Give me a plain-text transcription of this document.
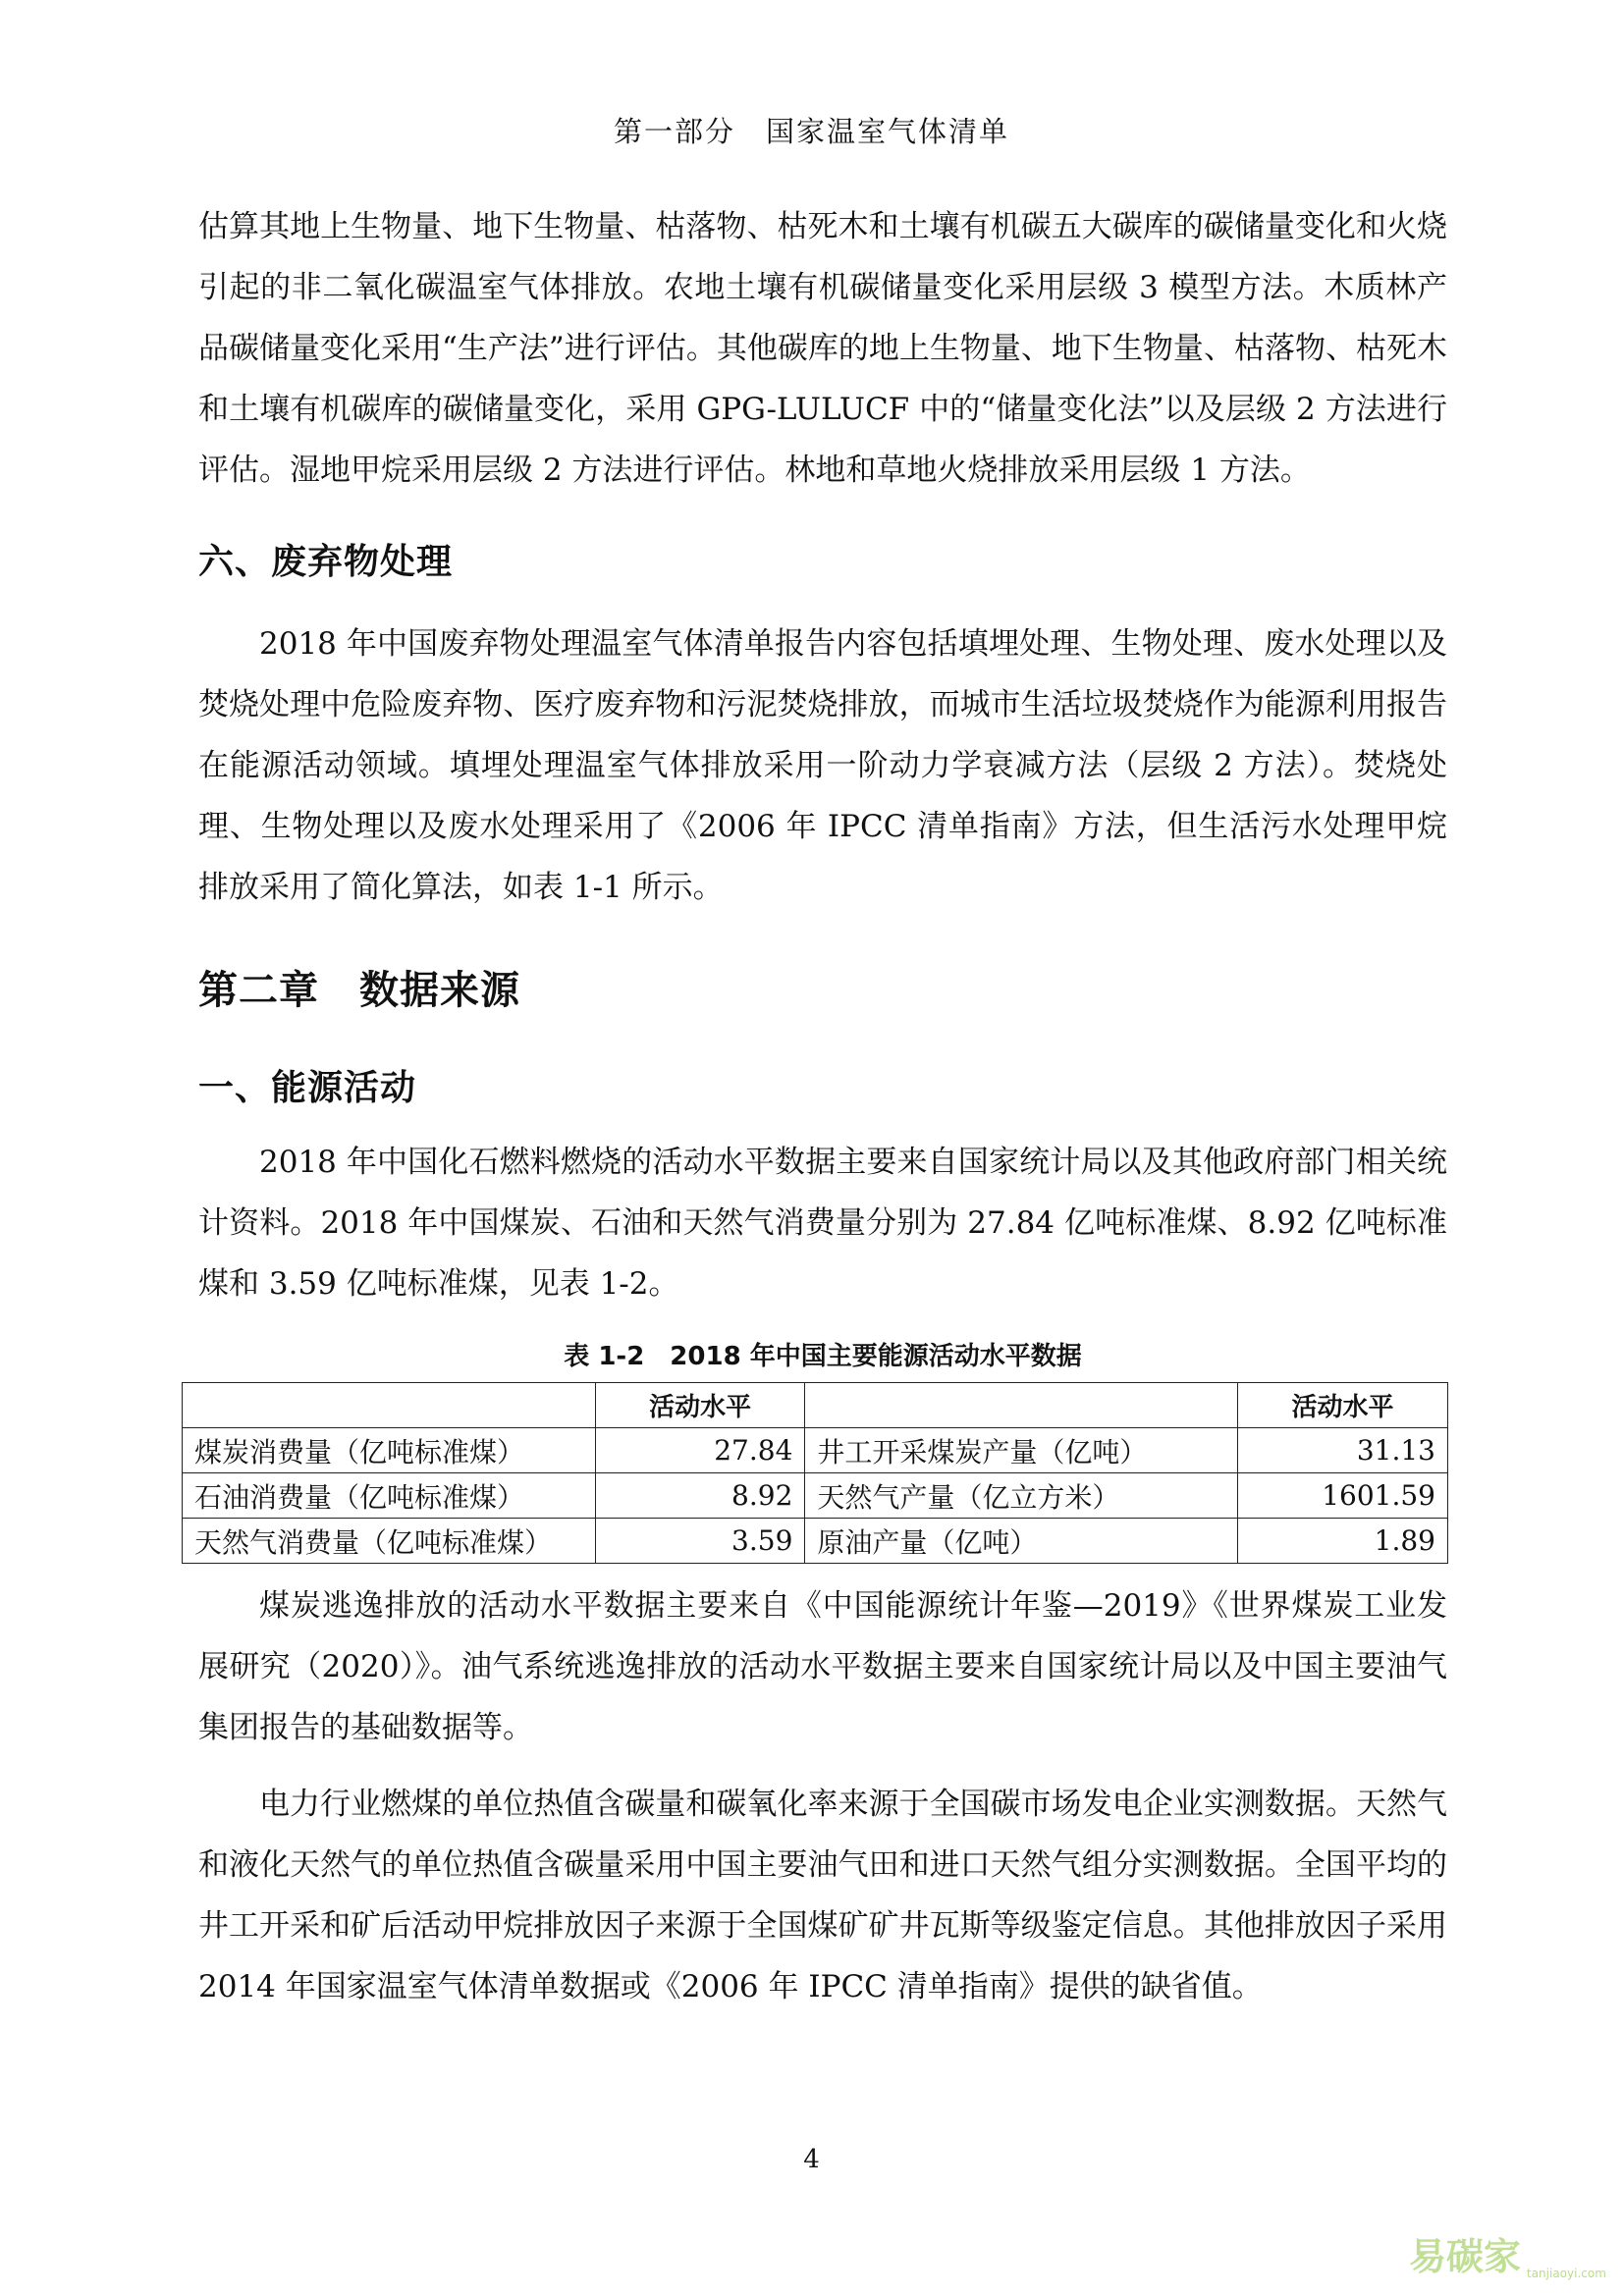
第一部分　国家温室气体清单

估算其地上生物量、地下生物量、枯落物、枯死木和土壤有机碳五大碳库的碳储量变化和火烧引起的非二氧化碳温室气体排放。农地土壤有机碳储量变化采用层级 3 模型方法。木质林产品碳储量变化采用“生产法”进行评估。其他碳库的地上生物量、地下生物量、枯落物、枯死木和土壤有机碳库的碳储量变化，采用 GPG-LULUCF 中的“储量变化法”以及层级 2 方法进行评估。湿地甲烷采用层级 2 方法进行评估。林地和草地火烧排放采用层级 1 方法。

六、废弃物处理

2018 年中国废弃物处理温室气体清单报告内容包括填埋处理、生物处理、废水处理以及焚烧处理中危险废弃物、医疗废弃物和污泥焚烧排放，而城市生活垃圾焚烧作为能源利用报告在能源活动领域。填埋处理温室气体排放采用一阶动力学衰减方法（层级 2 方法）。焚烧处理、生物处理以及废水处理采用了《2006 年 IPCC 清单指南》方法，但生活污水处理甲烷排放采用了简化算法，如表 1-1 所示。

第二章　数据来源
一、能源活动

2018 年中国化石燃料燃烧的活动水平数据主要来自国家统计局以及其他政府部门相关统计资料。2018 年中国煤炭、石油和天然气消费量分别为 27.84 亿吨标准煤、8.92 亿吨标准煤和 3.59 亿吨标准煤，见表 1-2。

表 1-2　2018 年中国主要能源活动水平数据

	活动水平		活动水平
煤炭消费量（亿吨标准煤）	27.84	井工开采煤炭产量（亿吨）	31.13
石油消费量（亿吨标准煤）	8.92	天然气产量（亿立方米）	1601.59
天然气消费量（亿吨标准煤）	3.59	原油产量（亿吨）	1.89

煤炭逃逸排放的活动水平数据主要来自《中国能源统计年鉴—2019》《世界煤炭工业发展研究（2020）》。油气系统逃逸排放的活动水平数据主要来自国家统计局以及中国主要油气集团报告的基础数据等。

电力行业燃煤的单位热值含碳量和碳氧化率来源于全国碳市场发电企业实测数据。天然气和液化天然气的单位热值含碳量采用中国主要油气田和进口天然气组分实测数据。全国平均的井工开采和矿后活动甲烷排放因子来源于全国煤矿矿井瓦斯等级鉴定信息。其他排放因子采用 2014 年国家温室气体清单数据或《2006 年 IPCC 清单指南》提供的缺省值。

4
易碳家 tanjiaoyi.com
